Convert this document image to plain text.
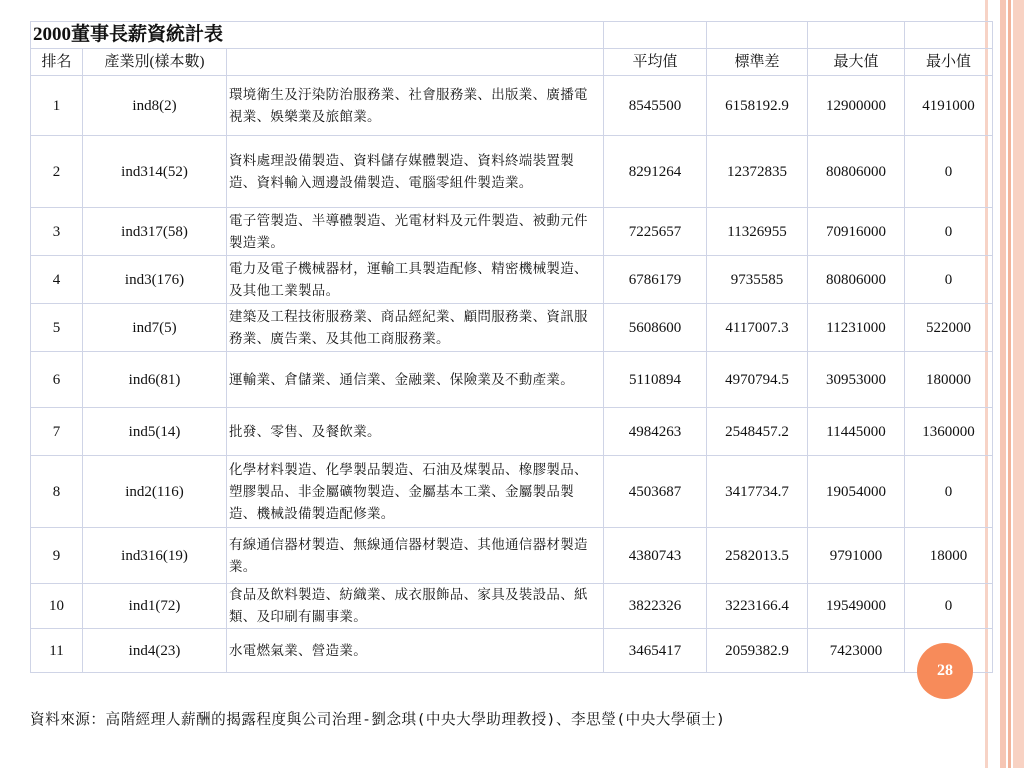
2000董事長薪資統計表						
排名	產業別(樣本數)		平均值	標準差	最大值	最小值
1	ind8(2)	環境衛生及汙染防治服務業、社會服務業、出版業、廣播電視業、娛樂業及旅館業。	8545500	6158192.9	12900000	4191000
2	ind314(52)	資料處理設備製造、資料儲存媒體製造、資料終端裝置製造、資料輸入週邊設備製造、電腦零組件製造業。	8291264	12372835	80806000	0
3	ind317(58)	電子管製造、半導體製造、光電材料及元件製造、被動元件製造業。	7225657	11326955	70916000	0
4	ind3(176)	電力及電子機械器材，運輸工具製造配修、精密機械製造、及其他工業製品。	6786179	9735585	80806000	0
5	ind7(5)	建築及工程技術服務業、商品經紀業、顧問服務業、資訊服務業、廣告業、及其他工商服務業。	5608600	4117007.3	11231000	522000
6	ind6(81)	運輸業、倉儲業、通信業、金融業、保險業及不動產業。	5110894	4970794.5	30953000	180000
7	ind5(14)	批發、零售、及餐飲業。	4984263	2548457.2	11445000	1360000
8	ind2(116)	化學材料製造、化學製品製造、石油及煤製品、橡膠製品、塑膠製品、非金屬礦物製造、金屬基本工業、金屬製品製造、機械設備製造配修業。	4503687	3417734.7	19054000	0
9	ind316(19)	有線通信器材製造、無線通信器材製造、其他通信器材製造業。	4380743	2582013.5	9791000	18000
10	ind1(72)	食品及飲料製造、紡織業、成衣服飾品、家具及裝設品、紙類、及印刷有關事業。	3822326	3223166.4	19549000	0
11	ind4(23)	水電燃氣業、營造業。	3465417	2059382.9	7423000	
28
資料來源：高階經理人薪酬的揭露程度與公司治理-劉念琪(中央大學助理教授)、李思瑩(中央大學碩士)
